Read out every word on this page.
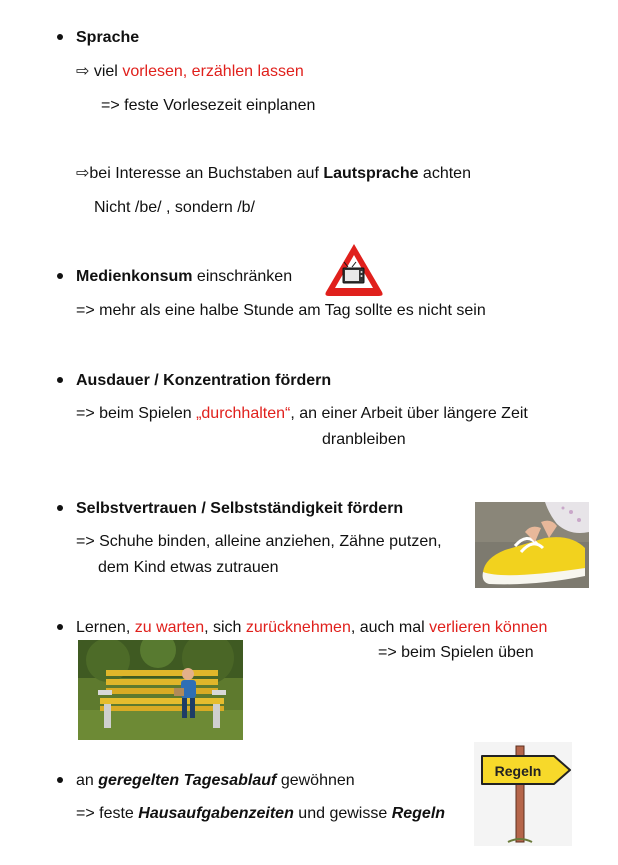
Sprache
⇨ viel vorlesen, erzählen lassen
=> feste Vorlesezeit einplanen
⇨bei Interesse an Buchstaben auf Lautsprache achten
Nicht /be/ , sondern /b/
Medienkonsum einschränken
=> mehr als eine halbe Stunde am Tag sollte es nicht sein
Ausdauer / Konzentration fördern
=> beim Spielen „durchhalten“, an einer Arbeit über längere Zeit
dranbleiben
Selbstvertrauen / Selbstständigkeit fördern
=> Schuhe binden, alleine anziehen, Zähne putzen,
dem Kind etwas zutrauen
Lernen, zu warten, sich zurücknehmen, auch mal verlieren können
=> beim Spielen üben
an geregelten Tagesablauf gewöhnen
=> feste Hausaufgabenzeiten und gewisse Regeln
Regeln
